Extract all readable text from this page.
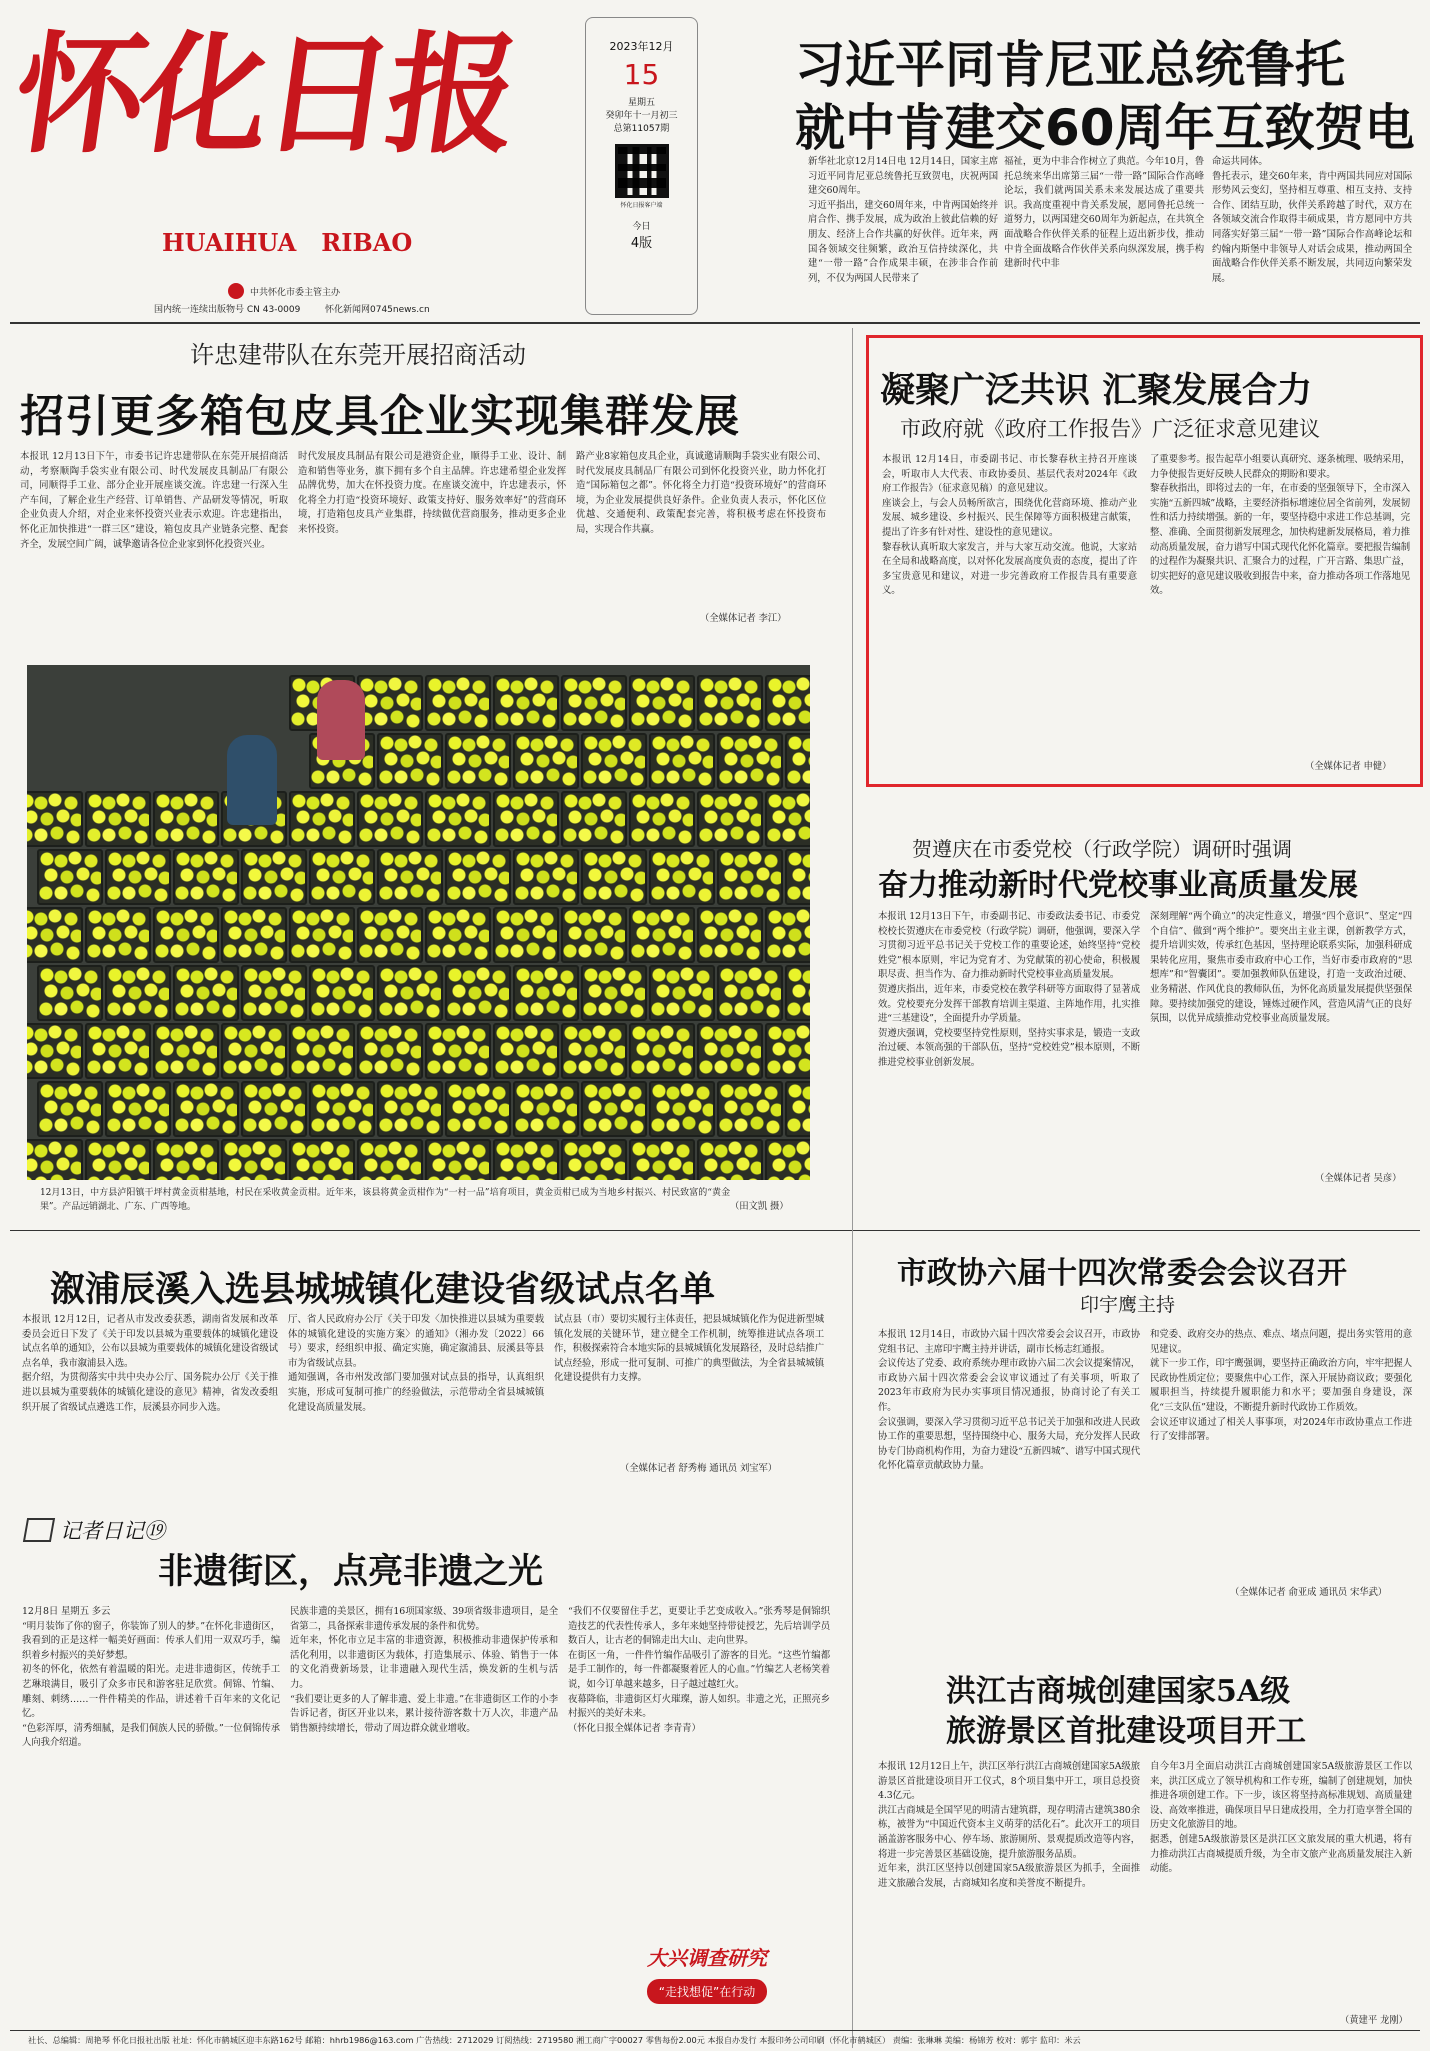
怀化日报
HUAIHUA   RIBAO
中共怀化市委主管主办
国内统一连续出版物号 CN 43-0009	怀化新闻网0745news.cn
2023年12月
15
星期五
癸卯年十一月初三
总第11057期
怀化日报客户端
今日
4版
习近平同肯尼亚总统鲁托
就中肯建交60周年互致贺电
新华社北京12月14日电 12月14日，国家主席习近平同肯尼亚总统鲁托互致贺电，庆祝两国建交60周年。
习近平指出，建交60周年来，中肯两国始终并肩合作、携手发展，成为政治上彼此信赖的好朋友、经济上合作共赢的好伙伴。近年来，两国各领域交往频繁，政治互信持续深化，共建“一带一路”合作成果丰硕，在涉非合作前列，不仅为两国人民带来了
福祉，更为中非合作树立了典范。今年10月，鲁托总统来华出席第三届“一带一路”国际合作高峰论坛，我们就两国关系未来发展达成了重要共识。我高度重视中肯关系发展，愿同鲁托总统一道努力，以两国建交60周年为新起点，在共筑全面战略合作伙伴关系的征程上迈出新步伐，推动中肯全面战略合作伙伴关系向纵深发展，携手构建新时代中非
命运共同体。
鲁托表示，建交60年来，肯中两国共同应对国际形势风云变幻，坚持相互尊重、相互支持、支持合作、团结互助，伙伴关系跨越了时代，双方在各领域交流合作取得丰硕成果，肯方愿同中方共同落实好第三届“一带一路”国际合作高峰论坛和约翰内斯堡中非领导人对话会成果，推动两国全面战略合作伙伴关系不断发展，共同迈向繁荣发展。
许忠建带队在东莞开展招商活动
招引更多箱包皮具企业实现集群发展
本报讯 12月13日下午，市委书记许忠建带队在东莞开展招商活动，考察顺陶手袋实业有限公司、时代发展皮具制品厂有限公司，同顺得手工业、部分企业开展座谈交流。许忠建一行深入生产车间，了解企业生产经营、订单销售、产品研发等情况，听取企业负责人介绍，对企业来怀投资兴业表示欢迎。许忠建指出，怀化正加快推进“一群三区”建设，箱包皮具产业链条完整、配套齐全，发展空间广阔，诚挚邀请各位企业家到怀化投资兴业。
时代发展皮具制品有限公司是港资企业，顺得手工业、设计、制造和销售等业务，旗下拥有多个自主品牌。许忠建希望企业发挥品牌优势，加大在怀投资力度。在座谈交流中，许忠建表示，怀化将全力打造“投资环境好、政策支持好、服务效率好”的营商环境，打造箱包皮具产业集群，持续做优营商服务，推动更多企业来怀投资。
路产业8家箱包皮具企业，真诚邀请顺陶手袋实业有限公司、时代发展皮具制品厂有限公司到怀化投资兴业，助力怀化打造“国际箱包之都”。怀化将全力打造“投资环境好”的营商环境，为企业发展提供良好条件。企业负责人表示，怀化区位优越、交通便利、政策配套完善，将积极考虑在怀投资布局，实现合作共赢。
（全媒体记者 李江）
12月13日，中方县泸阳镇干坪村黄金贡柑基地，村民在采收黄金贡柑。近年来，该县将黄金贡柑作为“一村一品”培育项目，黄金贡柑已成为当地乡村振兴、村民致富的“黄金果”。产品远销湖北、广东、广西等地。	（田文凯 摄）
凝聚广泛共识 汇聚发展合力
市政府就《政府工作报告》广泛征求意见建议
本报讯 12月14日，市委副书记、市长黎春秋主持召开座谈会，听取市人大代表、市政协委员、基层代表对2024年《政府工作报告》（征求意见稿）的意见建议。
座谈会上，与会人员畅所欲言，围绕优化营商环境、推动产业发展、城乡建设、乡村振兴、民生保障等方面积极建言献策，提出了许多有针对性、建设性的意见建议。
黎春秋认真听取大家发言，并与大家互动交流。他说，大家站在全局和战略高度，以对怀化发展高度负责的态度，提出了许多宝贵意见和建议，对进一步完善政府工作报告具有重要意义。
了重要参考。报告起草小组要认真研究、逐条梳理、吸纳采用，力争使报告更好反映人民群众的期盼和要求。
黎春秋指出，即将过去的一年，在市委的坚强领导下，全市深入实施“五新四城”战略，主要经济指标增速位居全省前列，发展韧性和活力持续增强。新的一年，要坚持稳中求进工作总基调，完整、准确、全面贯彻新发展理念，加快构建新发展格局，着力推动高质量发展，奋力谱写中国式现代化怀化篇章。要把报告编制的过程作为凝聚共识、汇聚合力的过程，广开言路、集思广益，切实把好的意见建议吸收到报告中来，奋力推动各项工作落地见效。
（全媒体记者 申健）
贺遵庆在市委党校（行政学院）调研时强调
奋力推动新时代党校事业高质量发展
本报讯 12月13日下午，市委副书记、市委政法委书记、市委党校校长贺遵庆在市委党校（行政学院）调研，他强调，要深入学习贯彻习近平总书记关于党校工作的重要论述，始终坚持“党校姓党”根本原则，牢记为党育才、为党献策的初心使命，积极履职尽责、担当作为、奋力推动新时代党校事业高质量发展。
贺遵庆指出，近年来，市委党校在教学科研等方面取得了显著成效。党校要充分发挥干部教育培训主渠道、主阵地作用，扎实推进“三基建设”，全面提升办学质量。
贺遵庆强调，党校要坚持党性原则，坚持实事求是，锻造一支政治过硬、本领高强的干部队伍，坚持“党校姓党”根本原则，不断推进党校事业创新发展。
深刻理解“两个确立”的决定性意义，增强“四个意识”、坚定“四个自信”、做到“两个维护”。要突出主业主课，创新教学方式，提升培训实效，传承红色基因，坚持理论联系实际，加强科研成果转化应用，聚焦市委市政府中心工作，当好市委市政府的“思想库”和“智囊团”。要加强教师队伍建设，打造一支政治过硬、业务精湛、作风优良的教师队伍，为怀化高质量发展提供坚强保障。要持续加强党的建设，锤炼过硬作风，营造风清气正的良好氛围，以优异成绩推动党校事业高质量发展。
（全媒体记者 吴彦）
溆浦辰溪入选县城城镇化建设省级试点名单
本报讯 12月12日，记者从市发改委获悉，湖南省发展和改革委员会近日下发了《关于印发以县城为重要载体的城镇化建设试点名单的通知》，公布以县城为重要载体的城镇化建设省级试点名单，我市溆浦县入选。
据介绍，为贯彻落实中共中央办公厅、国务院办公厅《关于推进以县城为重要载体的城镇化建设的意见》精神，省发改委组织开展了省级试点遴选工作，辰溪县亦同步入选。
厅、省人民政府办公厅《关于印发〈加快推进以县城为重要载体的城镇化建设的实施方案〉的通知》（湘办发〔2022〕66号）要求，经组织申报、确定实施，确定溆浦县、辰溪县等县市为省级试点县。
通知强调，各市州发改部门要加强对试点县的指导，认真组织实施，形成可复制可推广的经验做法，示范带动全省县城城镇化建设高质量发展。
试点县（市）要切实履行主体责任，把县城城镇化作为促进新型城镇化发展的关键环节，建立健全工作机制，统筹推进试点各项工作，积极探索符合本地实际的县城城镇化发展路径，及时总结推广试点经验，形成一批可复制、可推广的典型做法，为全省县城城镇化建设提供有力支撑。
（全媒体记者 舒秀梅 通讯员 刘宝军）
市政协六届十四次常委会会议召开
印宇鹰主持
本报讯 12月14日，市政协六届十四次常委会会议召开，市政协党组书记、主席印宇鹰主持并讲话，副市长杨志红通报。
会议传达了党委、政府系统办理市政协六届二次会议提案情况，市政协六届十四次常委会会议审议通过了有关事项，听取了2023年市政府为民办实事项目情况通报，协商讨论了有关工作。
会议强调，要深入学习贯彻习近平总书记关于加强和改进人民政协工作的重要思想，坚持围绕中心、服务大局，充分发挥人民政协专门协商机构作用，为奋力建设“五新四城”、谱写中国式现代化怀化篇章贡献政协力量。
和党委、政府交办的热点、难点、堵点问题，提出务实管用的意见建议。
就下一步工作，印宇鹰强调，要坚持正确政治方向，牢牢把握人民政协性质定位；要聚焦中心工作，深入开展协商议政；要强化履职担当，持续提升履职能力和水平；要加强自身建设，深化“三支队伍”建设，不断提升新时代政协工作质效。
会议还审议通过了相关人事事项，对2024年市政协重点工作进行了安排部署。
（全媒体记者 俞亚成 通讯员 宋华武）
记者日记⑲
非遗街区，点亮非遗之光
12月8日 星期五 多云
“明月装饰了你的窗子，你装饰了别人的梦。”在怀化非遗街区，我看到的正是这样一幅美好画面：传承人们用一双双巧手，编织着乡村振兴的美好梦想。
初冬的怀化，依然有着温暖的阳光。走进非遗街区，传统手工艺琳琅满目，吸引了众多市民和游客驻足欣赏。侗锦、竹编、雕刻、刺绣……一件件精美的作品，讲述着千百年来的文化记忆。
“色彩浑厚，清秀细腻，是我们侗族人民的骄傲。”一位侗锦传承人向我介绍道。
民族非遗的美景区，拥有16项国家级、39项省级非遗项目，是全省第二，具备探索非遗传承发展的条件和优势。
近年来，怀化市立足丰富的非遗资源，积极推动非遗保护传承和活化利用，以非遗街区为载体，打造集展示、体验、销售于一体的文化消费新场景，让非遗融入现代生活，焕发新的生机与活力。
“我们要让更多的人了解非遗、爱上非遗。”在非遗街区工作的小李告诉记者，街区开业以来，累计接待游客数十万人次，非遗产品销售额持续增长，带动了周边群众就业增收。
“我们不仅要留住手艺，更要让手艺变成收入。”张秀琴是侗锦织造技艺的代表性传承人，多年来她坚持带徒授艺，先后培训学员数百人，让古老的侗锦走出大山、走向世界。
在街区一角，一件件竹编作品吸引了游客的目光。“这些竹编都是手工制作的，每一件都凝聚着匠人的心血。”竹编艺人老杨笑着说，如今订单越来越多，日子越过越红火。
夜幕降临，非遗街区灯火璀璨，游人如织。非遗之光，正照亮乡村振兴的美好未来。
（怀化日报全媒体记者 李青青）
大兴调查研究
“走找想促”在行动
洪江古商城创建国家5A级
旅游景区首批建设项目开工
本报讯 12月12日上午，洪江区举行洪江古商城创建国家5A级旅游景区首批建设项目开工仪式，8个项目集中开工，项目总投资4.3亿元。
洪江古商城是全国罕见的明清古建筑群，现存明清古建筑380余栋，被誉为“中国近代资本主义萌芽的活化石”。此次开工的项目涵盖游客服务中心、停车场、旅游厕所、景观提质改造等内容，将进一步完善景区基础设施，提升旅游服务品质。
近年来，洪江区坚持以创建国家5A级旅游景区为抓手，全面推进文旅融合发展，古商城知名度和美誉度不断提升。
自今年3月全面启动洪江古商城创建国家5A级旅游景区工作以来，洪江区成立了领导机构和工作专班，编制了创建规划，加快推进各项创建工作。下一步，该区将坚持高标准规划、高质量建设、高效率推进，确保项目早日建成投用，全力打造享誉全国的历史文化旅游目的地。
据悉，创建5A级旅游景区是洪江区文旅发展的重大机遇，将有力推动洪江古商城提质升级，为全市文旅产业高质量发展注入新动能。
（黄建平 龙刚）
社长、总编辑：周艳琴 怀化日报社出版 社址：怀化市鹤城区迎丰东路162号 邮箱：hhrb1986@163.com 广告热线：2712029 订阅热线：2719580 湘工商广字00027 零售每份2.00元 本报自办发行 本报印务公司印刷（怀化市鹤城区） 责编：张琳琳 美编：杨锦芳 校对：郭宇 监印：米云
